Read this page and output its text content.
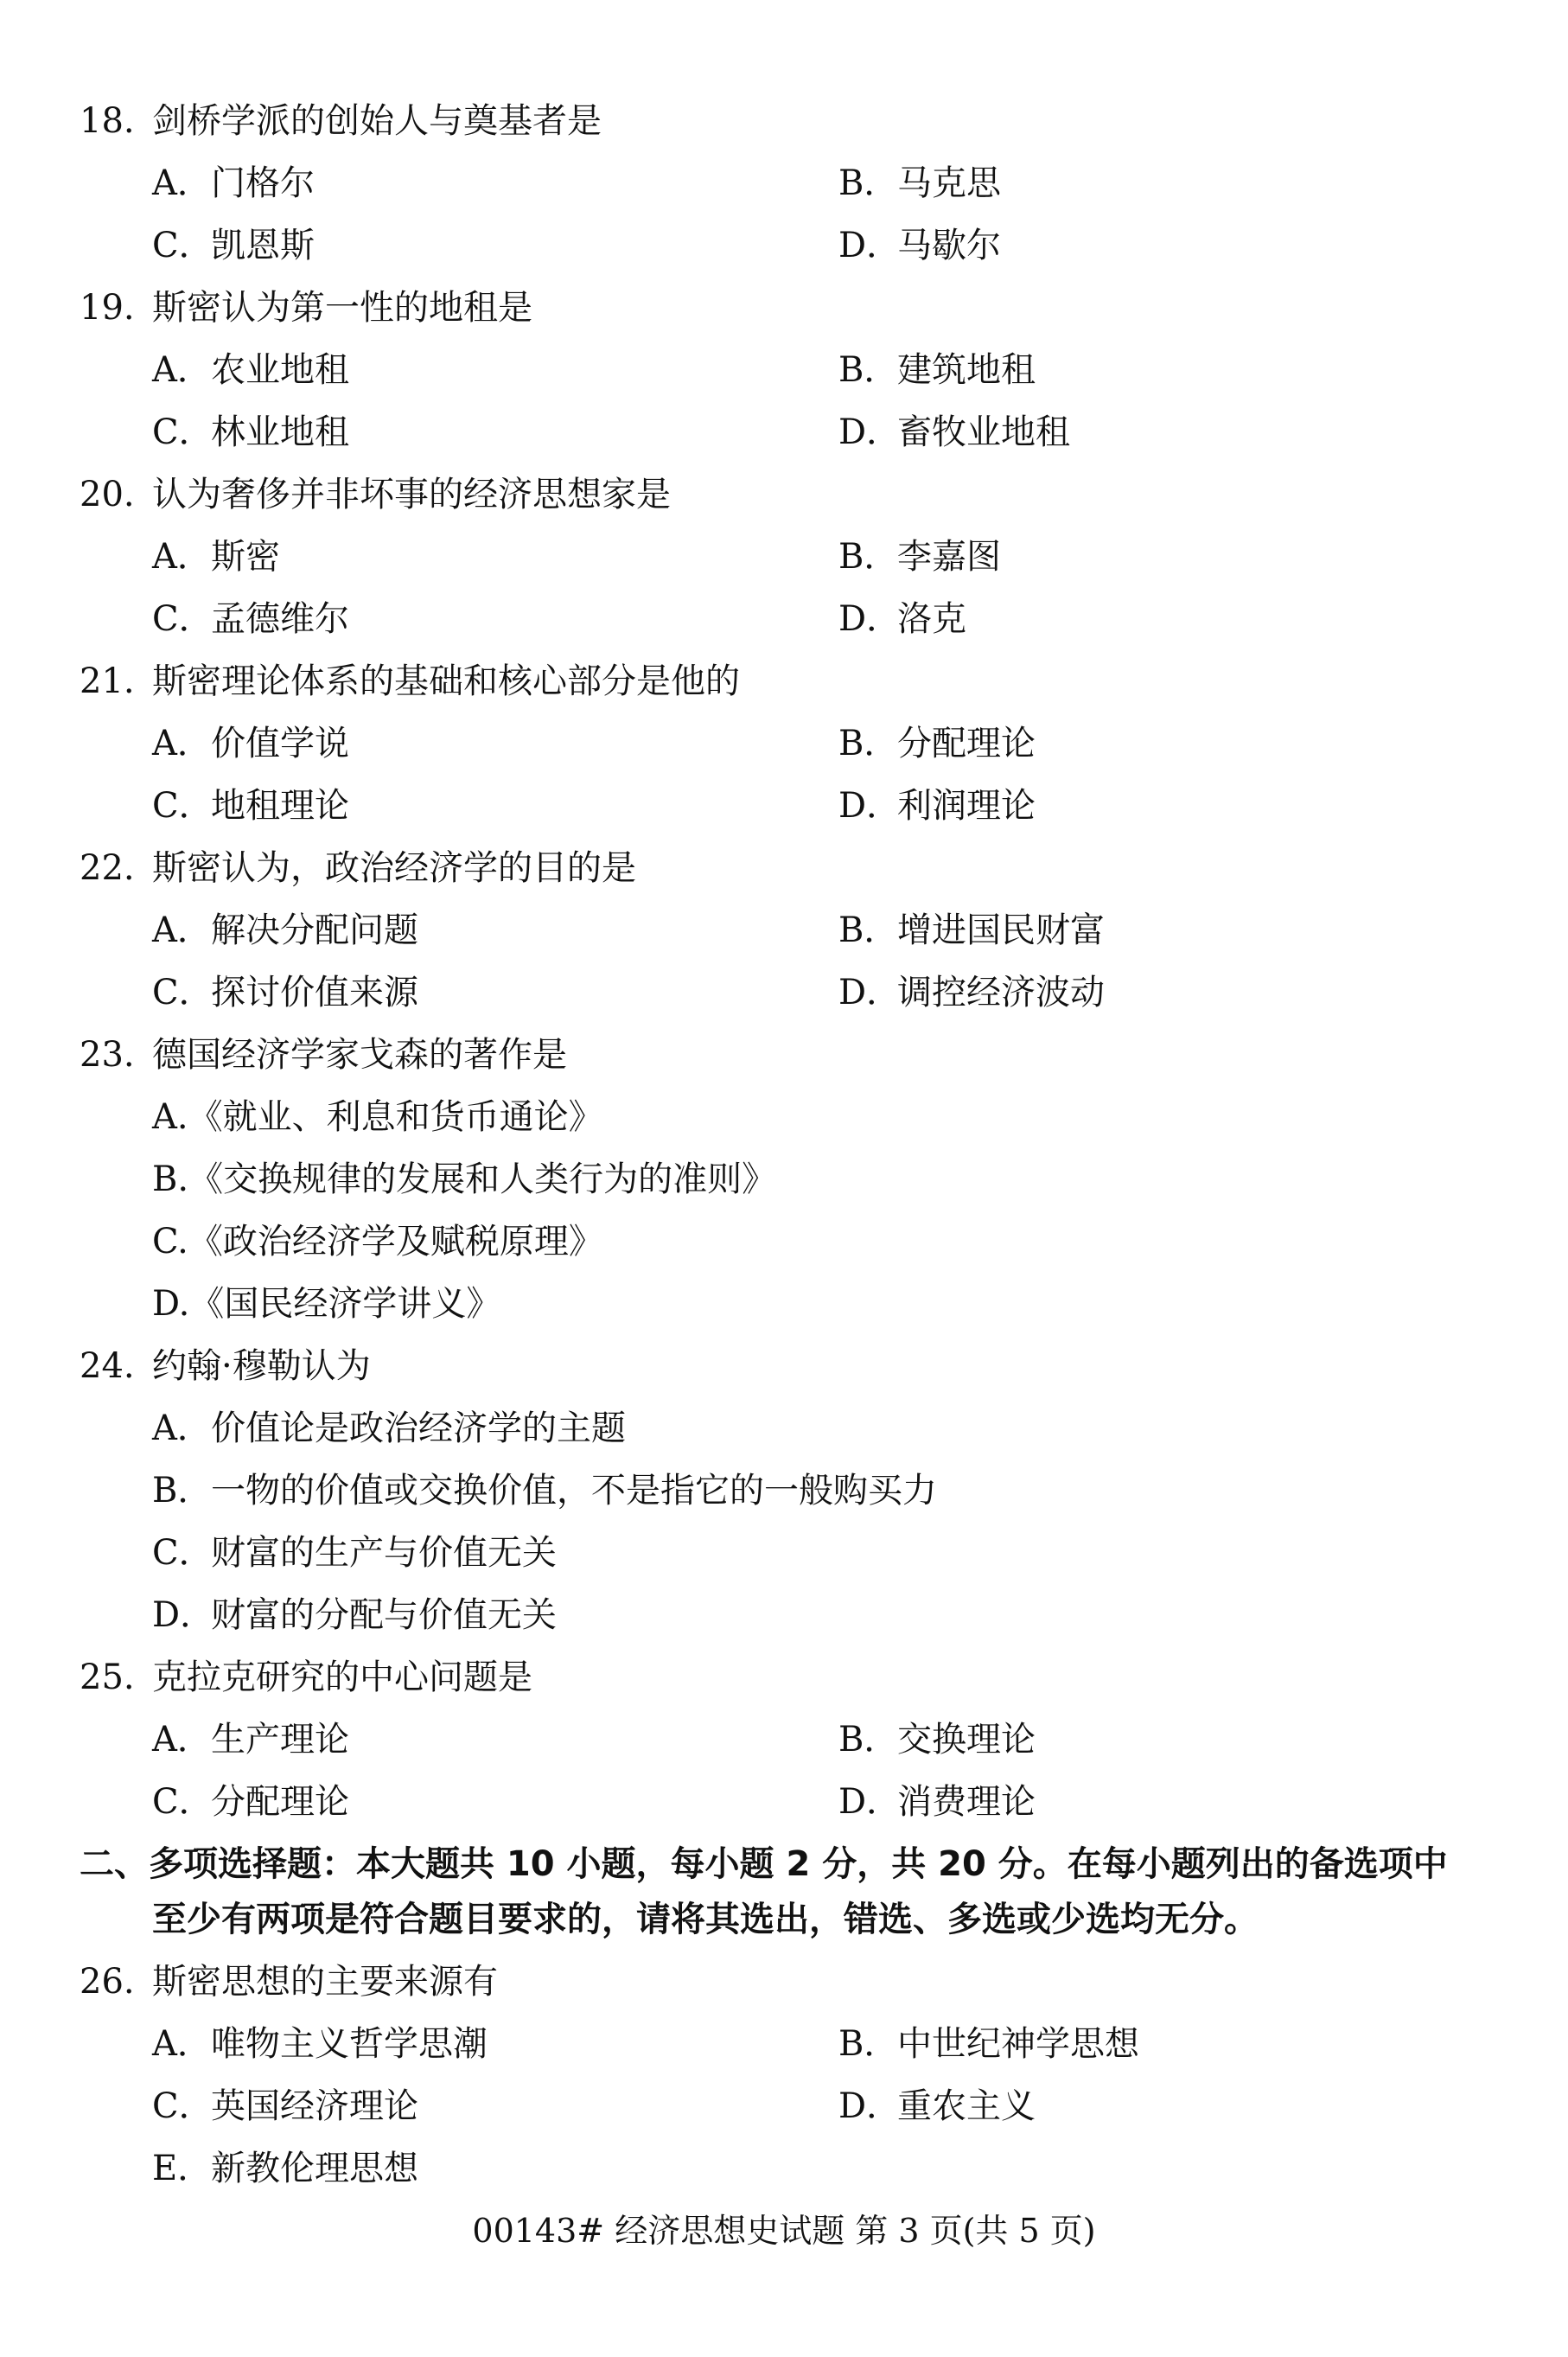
18. 剑桥学派的创始人与奠基者是
A．门格尔	B．马克思
C．凯恩斯	D．马歇尔
19. 斯密认为第一性的地租是
A．农业地租	B．建筑地租
C．林业地租	D．畜牧业地租
20. 认为奢侈并非坏事的经济思想家是
A．斯密	B．李嘉图
C．孟德维尔	D．洛克
21. 斯密理论体系的基础和核心部分是他的
A．价值学说	B．分配理论
C．地租理论	D．利润理论
22. 斯密认为，政治经济学的目的是
A．解决分配问题	B．增进国民财富
C．探讨价值来源	D．调控经济波动
23. 德国经济学家戈森的著作是
A.《就业、利息和货币通论》
B.《交换规律的发展和人类行为的准则》
C.《政治经济学及赋税原理》
D.《国民经济学讲义》
24. 约翰·穆勒认为
A．价值论是政治经济学的主题
B．一物的价值或交换价值，不是指它的一般购买力
C．财富的生产与价值无关
D．财富的分配与价值无关
25. 克拉克研究的中心问题是
A．生产理论	B．交换理论
C．分配理论	D．消费理论
二、多项选择题：本大题共 10 小题，每小题 2 分，共 20 分。在每小题列出的备选项中
至少有两项是符合题目要求的，请将其选出，错选、多选或少选均无分。
26. 斯密思想的主要来源有
A．唯物主义哲学思潮	B．中世纪神学思想
C．英国经济理论	D．重农主义
E．新教伦理思想
00143# 经济思想史试题 第 3 页(共 5 页)
